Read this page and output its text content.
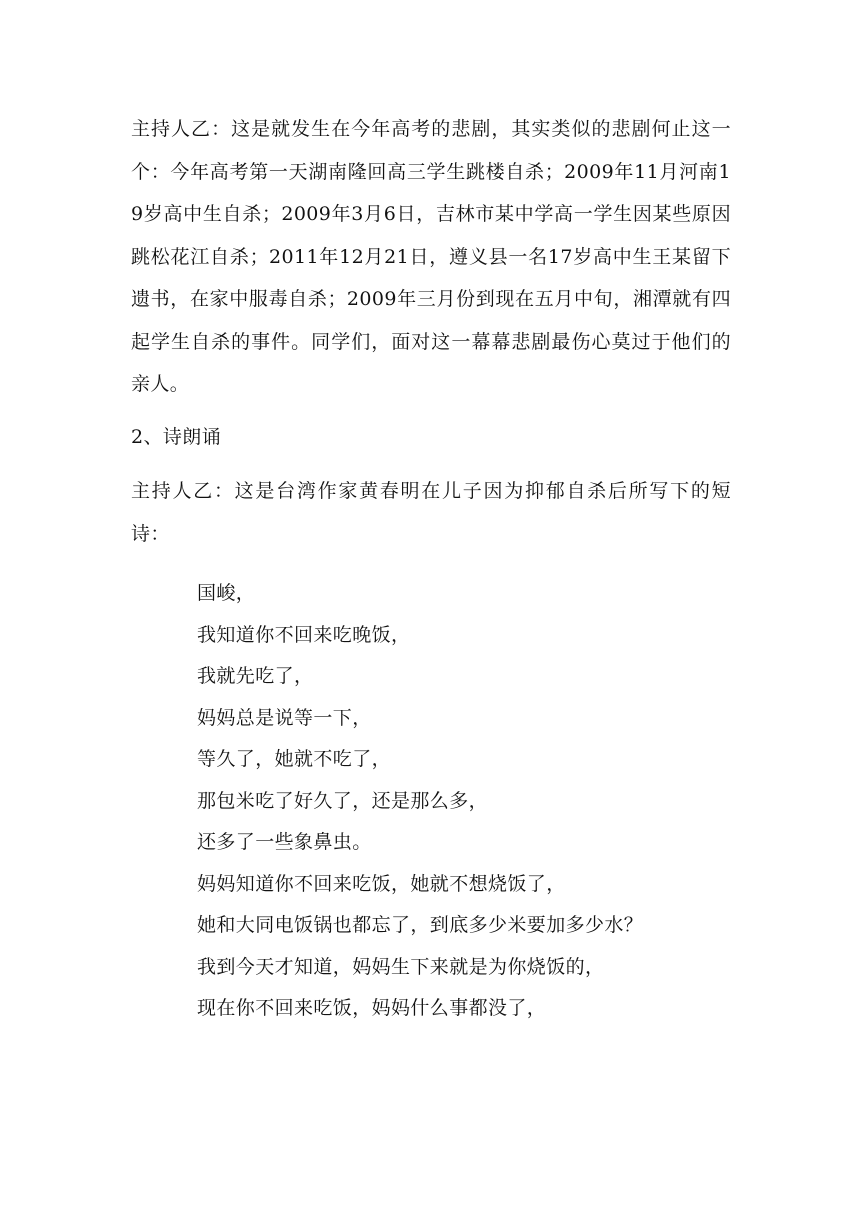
主持人乙：这是就发生在今年高考的悲剧，其实类似的悲剧何止这一个：今年高考第一天湖南隆回高三学生跳楼自杀；2009年11月河南19岁高中生自杀；2009年3月6日，吉林市某中学高一学生因某些原因跳松花江自杀；2011年12月21日，遵义县一名17岁高中生王某留下遗书，在家中服毒自杀；2009年三月份到现在五月中旬，湘潭就有四起学生自杀的事件。同学们，面对这一幕幕悲剧最伤心莫过于他们的亲人。

2、诗朗诵

主持人乙：这是台湾作家黄春明在儿子因为抑郁自杀后所写下的短诗：

国峻，
我知道你不回来吃晚饭，
我就先吃了，
妈妈总是说等一下，
等久了，她就不吃了，
那包米吃了好久了，还是那么多，
还多了一些象鼻虫。
妈妈知道你不回来吃饭，她就不想烧饭了，
她和大同电饭锅也都忘了，到底多少米要加多少水？
我到今天才知道，妈妈生下来就是为你烧饭的，
现在你不回来吃饭，妈妈什么事都没了，
